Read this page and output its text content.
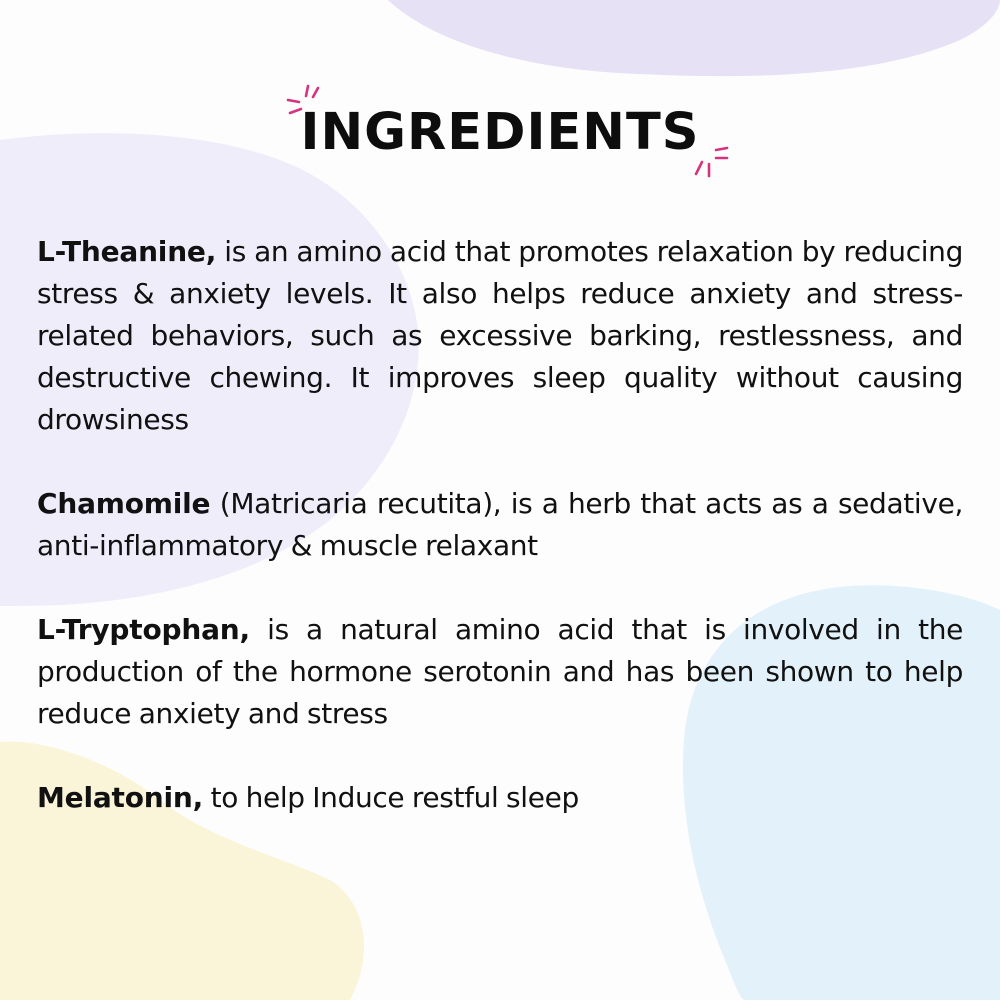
INGREDIENTS

L-Theanine, is an amino acid that promotes relaxation by reducing stress & anxiety levels. It also helps reduce anxiety and stress-related behaviors, such as excessive barking, restlessness, and destructive chewing. It improves sleep quality without causing drowsiness

Chamomile (Matricaria recutita), is a herb that acts as a sedative, anti-inflammatory & muscle relaxant

L-Tryptophan, is a natural amino acid that is involved in the production of the hormone serotonin and has been shown to help reduce anxiety and stress

Melatonin, to help Induce restful sleep
